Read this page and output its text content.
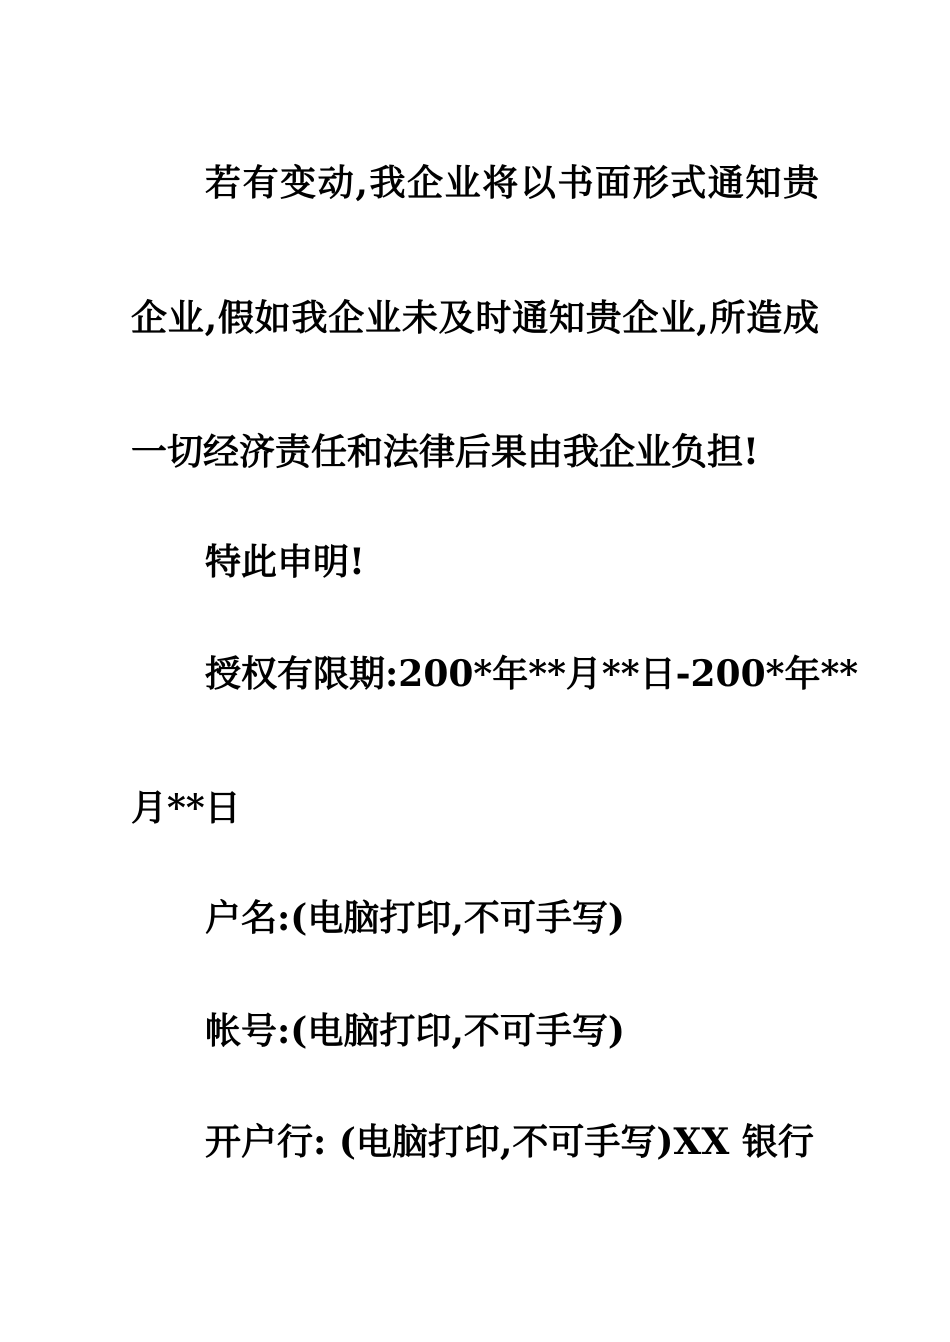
若有变动,我企业将以书面形式通知贵
企业,假如我企业未及时通知贵企业,所造成
一切经济责任和法律后果由我企业负担!
特此申明!
授权有限期:200*年**月**日-200*年**
月**日
户名:(电脑打印,不可手写)
帐号:(电脑打印,不可手写)
开户行: (电脑打印,不可手写)XX 银行
